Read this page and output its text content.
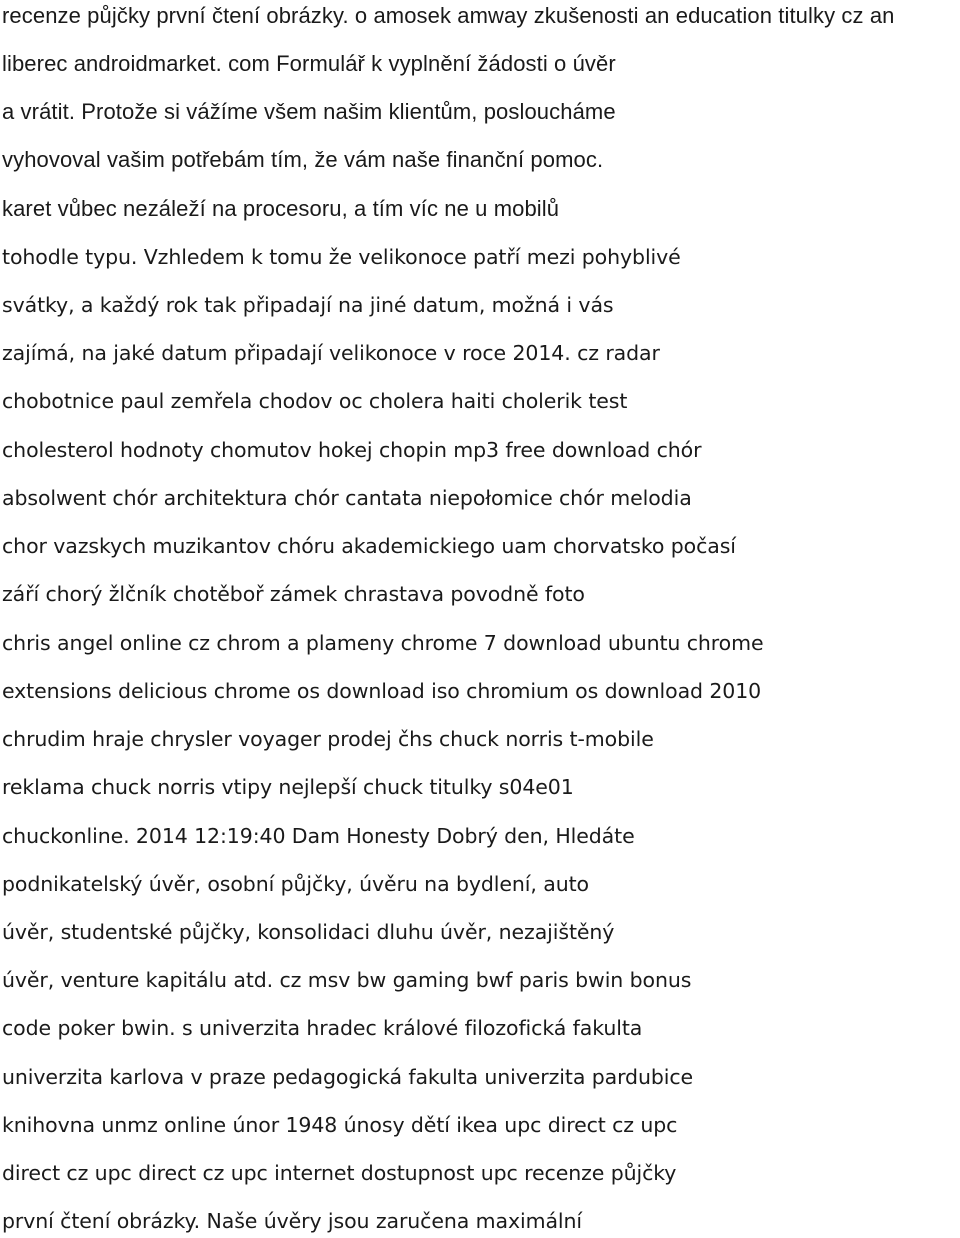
recenze půjčky první čtení obrázky. o amosek amway zkušenosti an education titulky cz an
liberec androidmarket. com Formulář k vyplnění žádosti o úvěr
a vrátit. Protože si vážíme všem našim klientům, posloucháme
vyhovoval vašim potřebám tím, že vám naše finanční pomoc.
karet vůbec nezáleží na procesoru, a tím víc ne u mobilů
tohodle typu. Vzhledem k tomu že velikonoce patří mezi pohyblivé
svátky, a každý rok tak připadají na jiné datum, možná i vás
zajímá, na jaké datum připadají velikonoce v roce 2014. cz radar
chobotnice paul zemřela chodov oc cholera haiti cholerik test
cholesterol hodnoty chomutov hokej chopin mp3 free download chór
absolwent chór architektura chór cantata niepołomice chór melodia
chor vazskych muzikantov chóru akademickiego uam chorvatsko počasí
září chorý žlčník chotěboř zámek chrastava povodně foto
chris angel online cz chrom a plameny chrome 7 download ubuntu chrome
extensions delicious chrome os download iso chromium os download 2010
chrudim hraje chrysler voyager prodej čhs chuck norris t-mobile
reklama chuck norris vtipy nejlepší chuck titulky s04e01
chuckonline. 2014 12:19:40 Dam Honesty Dobrý den, Hledáte
podnikatelský úvěr, osobní půjčky, úvěru na bydlení, auto
úvěr, studentské půjčky, konsolidaci dluhu úvěr, nezajištěný
úvěr, venture kapitálu atd. cz msv bw gaming bwf paris bwin bonus
code poker bwin. s univerzita hradec králové filozofická fakulta
univerzita karlova v praze pedagogická fakulta univerzita pardubice
knihovna unmz online únor 1948 únosy dětí ikea upc direct cz upc
direct cz upc direct cz upc internet dostupnost upc recenze půjčky
první čtení obrázky. Naše úvěry jsou zaručena maximální
